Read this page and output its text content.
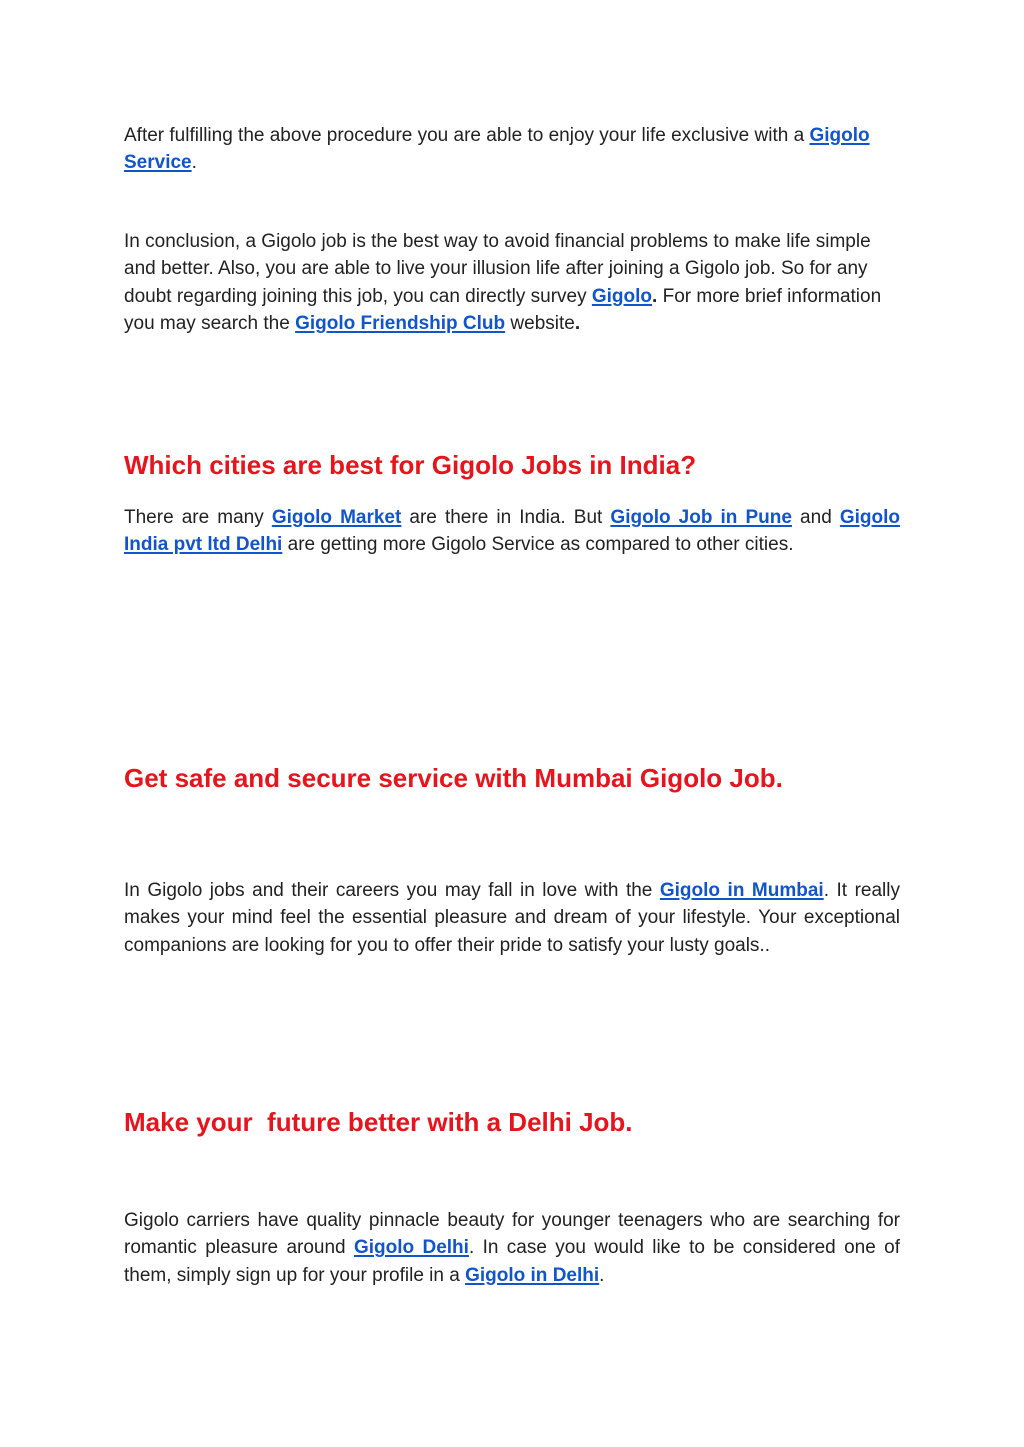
After fulfilling the above procedure you are able to enjoy your life exclusive with a Gigolo Service.

In conclusion, a Gigolo job is the best way to avoid financial problems to make life simple and better. Also, you are able to live your illusion life after joining a Gigolo job. So for any doubt regarding joining this job, you can directly survey Gigolo. For more brief information you may search the Gigolo Friendship Club website.

Which cities are best for Gigolo Jobs in India?

There are many Gigolo Market are there in India. But Gigolo Job in Pune and Gigolo India pvt ltd Delhi are getting more Gigolo Service as compared to other cities.

Get safe and secure service with Mumbai Gigolo Job.

In Gigolo jobs and their careers you may fall in love with the Gigolo in Mumbai. It really makes your mind feel the essential pleasure and dream of your lifestyle. Your exceptional companions are looking for you to offer their pride to satisfy your lusty goals..

Make your  future better with a Delhi Job.

Gigolo carriers have quality pinnacle beauty for younger teenagers who are searching for romantic pleasure around Gigolo Delhi. In case you would like to be considered one of them, simply sign up for your profile in a Gigolo in Delhi.
